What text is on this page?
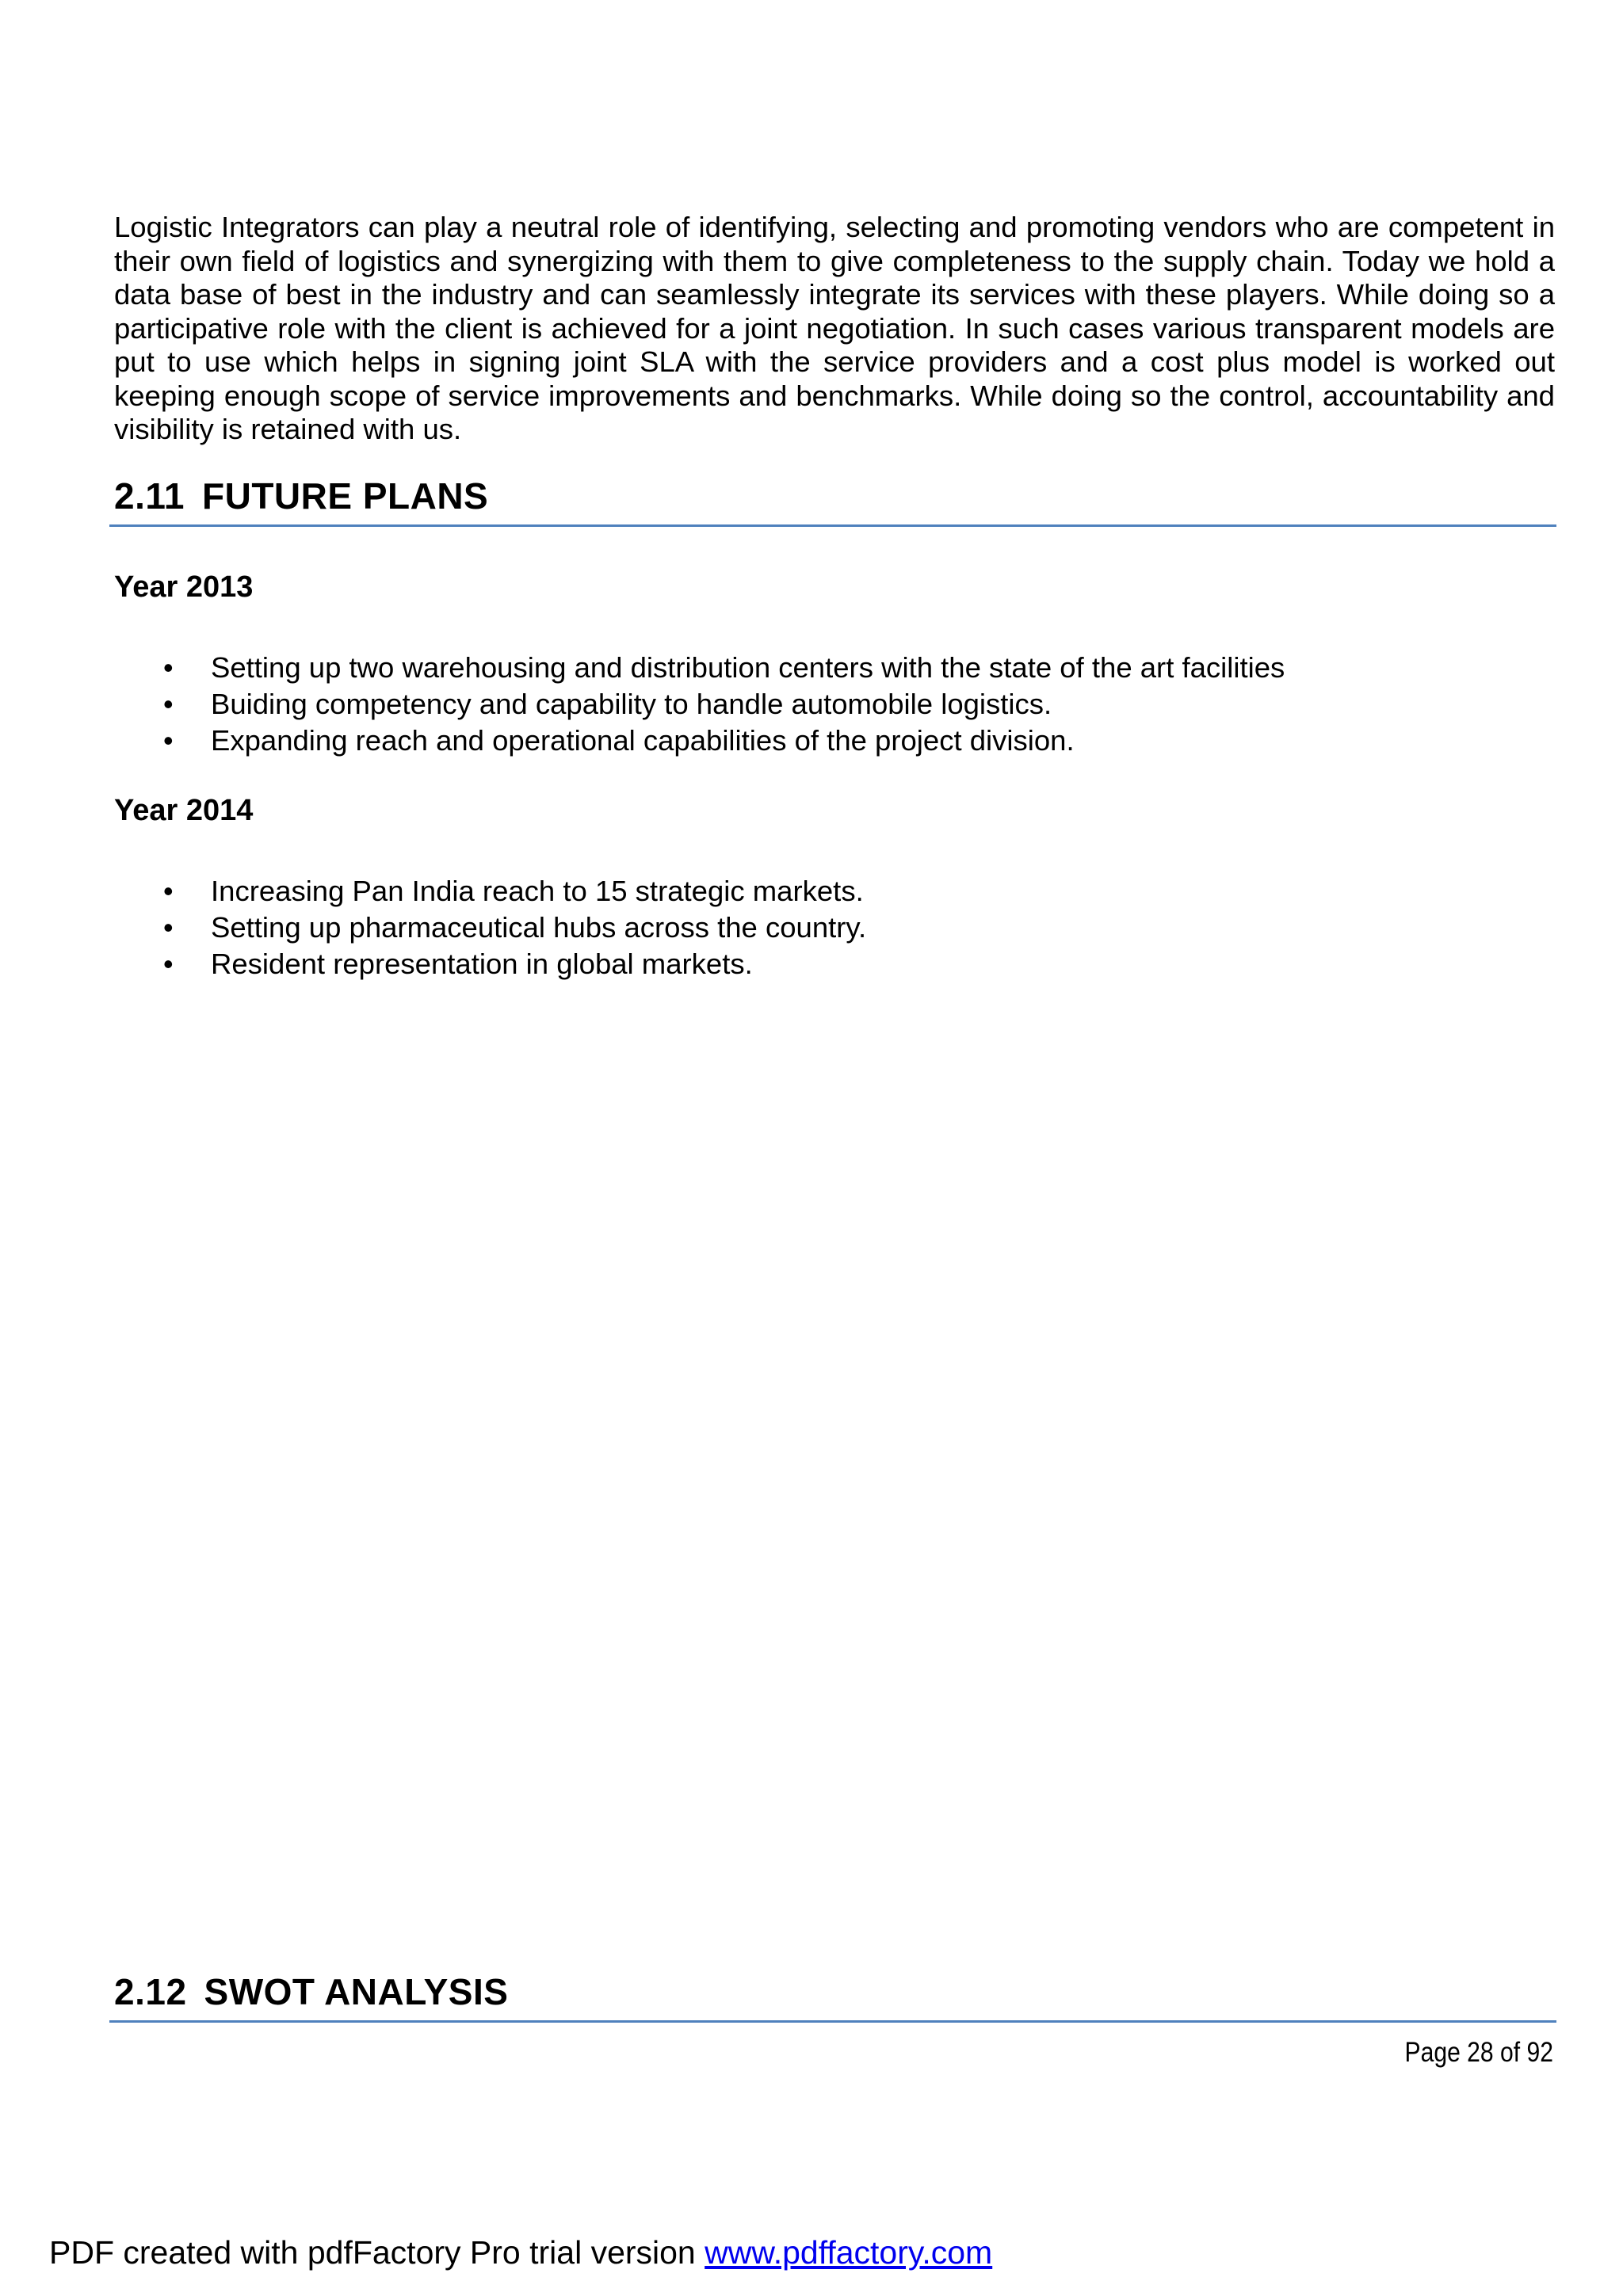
Logistic Integrators can play a neutral role of identifying, selecting and promoting vendors who are competent in their own field of logistics and synergizing with them to give completeness to the supply chain. Today we hold a data base of best in the industry and can seamlessly integrate its services with these players. While doing so a participative role with the client is achieved for a joint negotiation. In such cases various transparent models are put to use which helps in signing joint SLA with the service providers and a cost plus model is worked out keeping enough scope of service improvements and benchmarks. While doing so the control, accountability and visibility is retained with us.

2.11 FUTURE PLANS
Year 2013
• Setting up two warehousing and distribution centers with the state of the art facilities
• Buiding competency and capability to handle automobile logistics.
• Expanding reach and operational capabilities of the project division.
Year 2014
• Increasing Pan India reach to 15 strategic markets.
• Setting up pharmaceutical hubs across the country.
• Resident representation in global markets.
2.12 SWOT ANALYSIS
Page 28 of 92
PDF created with pdfFactory Pro trial version www.pdffactory.com
